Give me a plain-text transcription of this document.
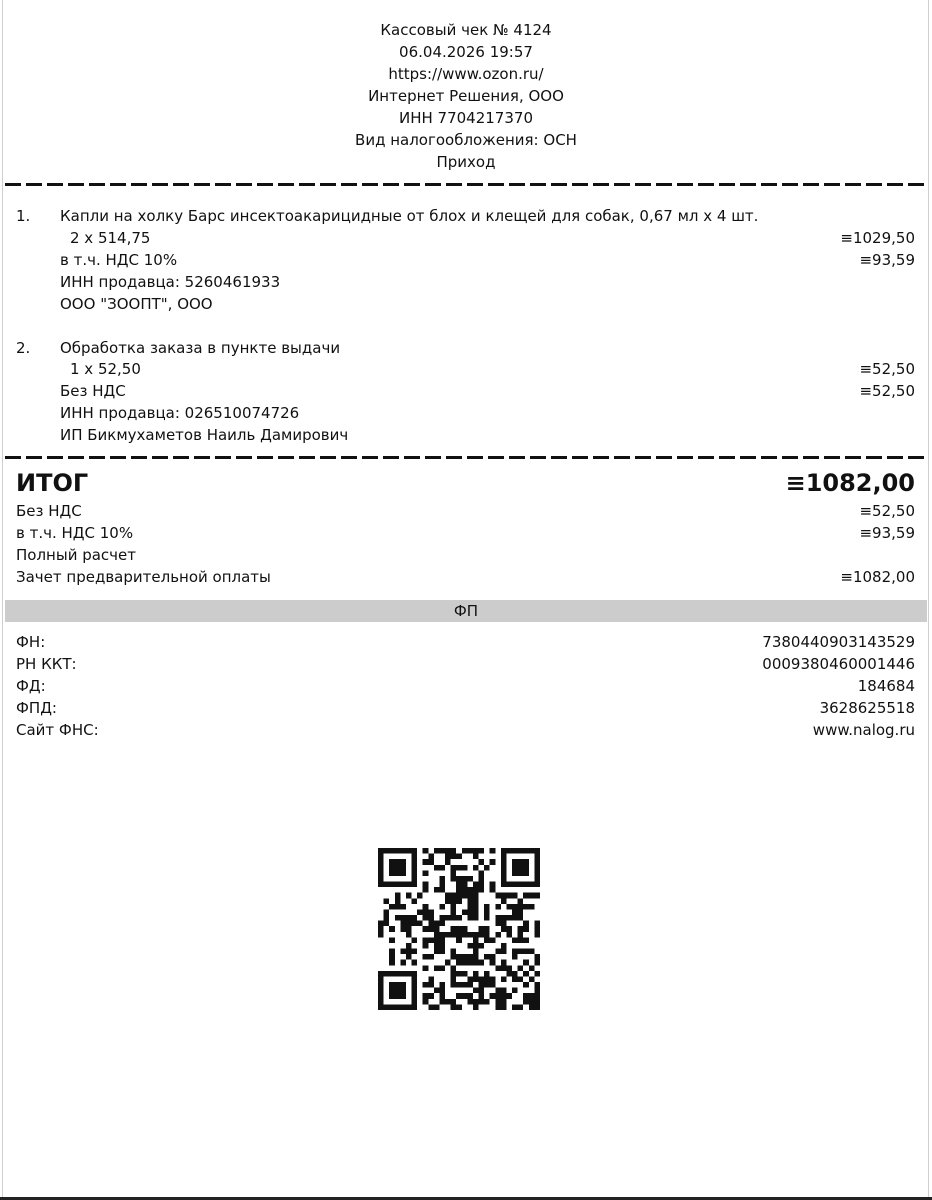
Кассовый чек № 4124
06.04.2026 19:57
https://www.ozon.ru/
Интернет Решения, ООО
ИНН 7704217370
Вид налогообложения: ОСН
Приход
1. Капли на холку Барс инсектоакарицидные от блох и клещей для собак, 0,67 мл x 4 шт.
2 x 514,75	≡1029,50
в т.ч. НДС 10%	≡93,59
ИНН продавца: 5260461933
ООО "ЗООПТ", ООО
2. Обработка заказа в пункте выдачи
1 x 52,50	≡52,50
Без НДС	≡52,50
ИНН продавца: 026510074726
ИП Бикмухаметов Наиль Дамирович
ИТОГ	≡1082,00
Без НДС	≡52,50
в т.ч. НДС 10%	≡93,59
Полный расчет
Зачет предварительной оплаты	≡1082,00
ФП
ФН:	7380440903143529
РН ККТ:	0009380460001446
ФД:	184684
ФПД:	3628625518
Сайт ФНС:	www.nalog.ru
